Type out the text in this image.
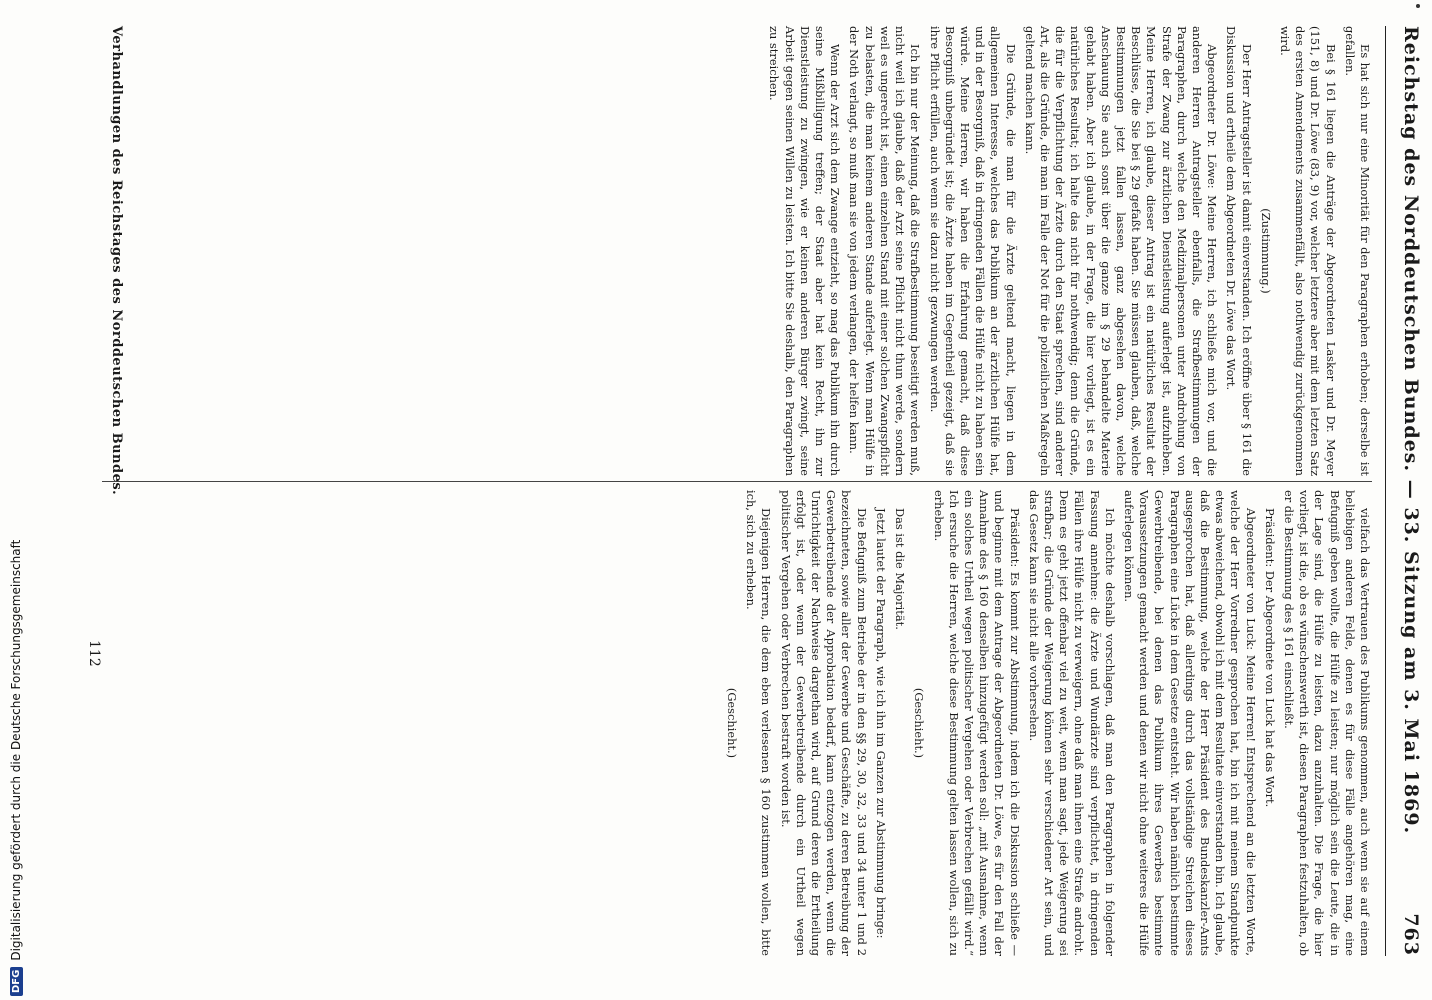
Reichstag des Norddeutschen Bundes. — 33. Sitzung am 3. Mai 1869.
763

Es hat sich nur eine Minorität für den Paragraphen erhoben; derselbe ist gefallen.

Bei § 161 liegen die Anträge der Abgeordneten Lasker und Dr. Meyer (151, 8) und Dr. Löwe (83, 9) vor, welcher letztere aber mit dem letzten Satz des ersten Amendements zusammenfällt, also nothwendig zurückgenommen wird.

(Zustimmung.)

Der Herr Antragsteller ist damit einverstanden. Ich eröffne über § 161 die Diskussion und ertheile dem Abgeordneten Dr. Löwe das Wort.

Abgeordneter Dr. Löwe: Meine Herren, ich schließe mich vor, und die anderen Herren Antragsteller ebenfalls, die Strafbestimmungen der Paragraphen, durch welche den Medizinalpersonen unter Androhung von Strafe der Zwang zur ärztlichen Dienstleistung auferlegt ist, aufzuheben. Meine Herren, ich glaube, dieser Antrag ist ein natürliches Resultat der Beschlüsse, die Sie bei § 29 gefaßt haben. Sie müssen glauben, daß, welche Bestimmungen jetzt fallen lassen, ganz abgesehen davon, welche Anschauung Sie auch sonst über die ganze im § 29 behandelte Materie gehabt haben. Aber ich glaube, in der Frage, die hier vorliegt, ist es ein natürliches Resultat; ich halte das nicht für nothwendig; denn die Gründe, die für die Verpflichtung der Ärzte durch den Staat sprechen, sind anderer Art, als die Gründe, die man im Falle der Not für die polizeilichen Maßregeln geltend machen kann.

Die Gründe, die man für die Ärzte geltend macht, liegen in dem allgemeinen Interesse, welches das Publikum an der ärztlichen Hülfe hat, und in der Besorgniß, daß in dringenden Fällen die Hülfe nicht zu haben sein würde. Meine Herren, wir haben die Erfahrung gemacht, daß diese Besorgniß unbegründet ist; die Ärzte haben im Gegentheil gezeigt, daß sie ihre Pflicht erfüllen, auch wenn sie dazu nicht gezwungen werden.

Ich bin nur der Meinung, daß die Strafbestimmung beseitigt werden muß, nicht weil ich glaube, daß der Arzt seine Pflicht nicht thun werde, sondern weil es ungerecht ist, einen einzelnen Stand mit einer solchen Zwangspflicht zu belasten, die man keinem anderen Stande auferlegt. Wenn man Hülfe in der Noth verlangt, so muß man sie von jedem verlangen, der helfen kann.

Wenn der Arzt sich dem Zwange entzieht, so mag das Publikum ihn durch seine Mißbilligung treffen; der Staat aber hat kein Recht, ihn zur Dienstleistung zu zwingen, wie er keinen anderen Bürger zwingt, seine Arbeit gegen seinen Willen zu leisten. Ich bitte Sie deshalb, den Paragraphen zu streichen.

vielfach das Vertrauen des Publikums genommen, auch wenn sie auf einem beliebigen anderen Felde, denen es für diese Fälle angehören mag, eine Befugniß geben wollte, die Hülfe zu leisten; nur möglich sein die Leute, die in der Lage sind, die Hülfe zu leisten, dazu anzuhalten. Die Frage, die hier vorliegt, ist die, ob es wünschenswerth ist, diesen Paragraphen festzuhalten, ob er die Bestimmung des § 161 einschließt.

Präsident: Der Abgeordnete von Luck hat das Wort.

Abgeordneter von Luck: Meine Herren! Entsprechend an die letzten Worte, welche der Herr Vorredner gesprochen hat, bin ich mit meinem Standpunkte etwas abweichend, obwohl ich mit dem Resultate einverstanden bin. Ich glaube, daß die Bestimmung, welche der Herr Präsident des Bundeskanzler-Amts ausgesprochen hat, daß allerdings durch das vollständige Streichen dieses Paragraphen eine Lücke in dem Gesetze entsteht. Wir haben nämlich bestimmte Gewerbtreibende, bei denen das Publikum ihres Gewerbes bestimmte Voraussetzungen gemacht werden und denen wir nicht ohne weiteres die Hülfe auferlegen können.

Ich möchte deshalb vorschlagen, daß man den Paragraphen in folgender Fassung annehme: die Ärzte und Wundärzte sind verpflichtet, in dringenden Fällen ihre Hülfe nicht zu verweigern, ohne daß man ihnen eine Strafe androht. Denn es geht jetzt offenbar viel zu weit, wenn man sagt, jede Weigerung sei strafbar; die Gründe der Weigerung können sehr verschiedener Art sein, und das Gesetz kann sie nicht alle vorhersehen.

Präsident: Es kommt zur Abstimmung, indem ich die Diskussion schließe — und beginne mit dem Antrage der Abgeordneten Dr. Löwe, es für den Fall der Annahme des § 160 denselben hinzugefügt werden soll: „mit Ausnahme, wenn ein solches Urtheil wegen politischer Vergehen oder Verbrechen gefällt wird.“ Ich ersuche die Herren, welche diese Bestimmung gelten lassen wollen, sich zu erheben.

(Geschieht.)

Das ist die Majorität.

Jetzt lautet der Paragraph, wie ich ihn im Ganzen zur Abstimmung bringe:

Die Befugniß zum Betriebe der in den §§ 29, 30, 32, 33 und 34 unter 1 und 2 bezeichneten, sowie aller der Gewerbe und Geschäfte, zu deren Betreibung der Gewerbetreibende der Approbation bedarf, kann entzogen werden, wenn die Unrichtigkeit der Nachweise dargethan wird, auf Grund deren die Ertheilung erfolgt ist, oder wenn der Gewerbetreibende durch ein Urtheil wegen politischer Vergehen oder Verbrechen bestraft worden ist.

Diejenigen Herren, die dem eben verlesenen § 160 zustimmen wollen, bitte ich, sich zu erheben.

(Geschieht.)

Verhandlungen des Reichstages des Norddeutschen Bundes.
112
DFG
Digitalisierung gefördert durch die Deutsche Forschungsgemeinschaft
